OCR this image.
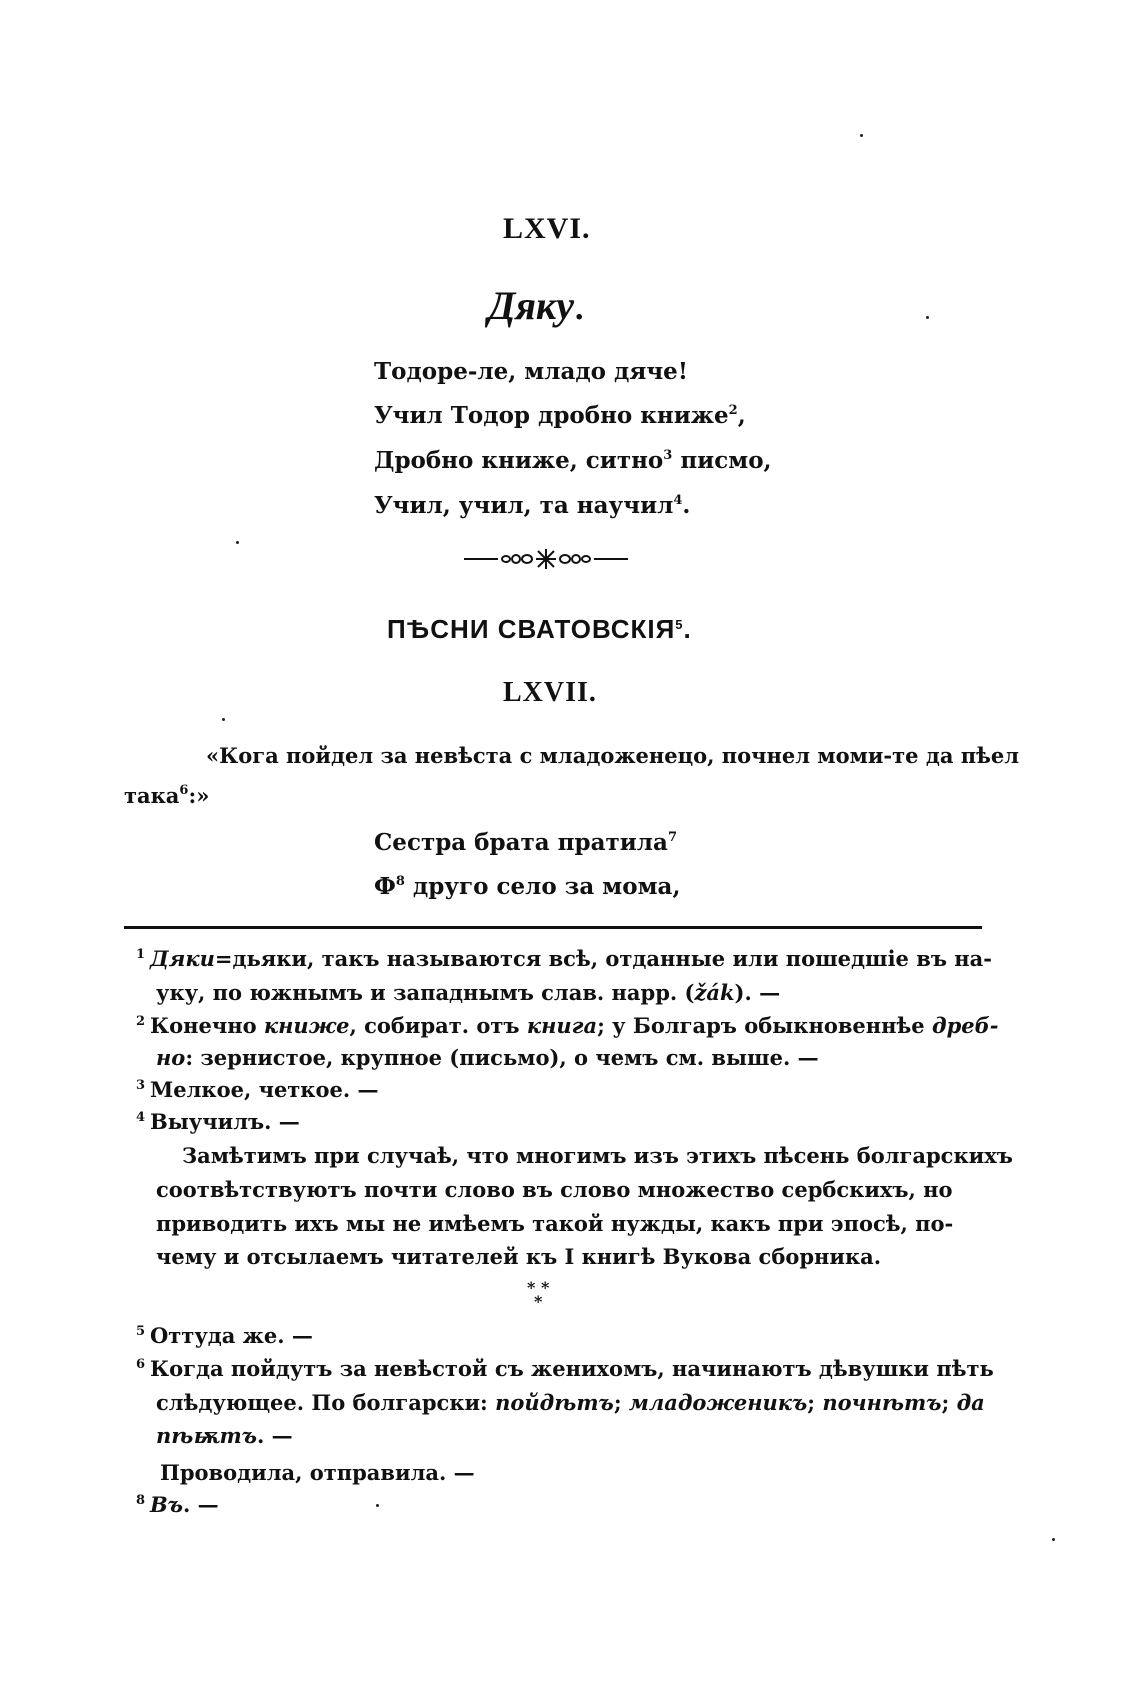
LXVI.
Дяку.
Тодоре-ле, младо дяче!
Учил Тодор дробно книже$^2$,
Дробно книже, ситно$^3$ писмо,
Учил, учил, та научил$^4$.
ПѢСНИ СВАТОВСКІЯ$^5$.
LXVII.
«Кога пойдел за невѣста с младоженецо, почнел моми-те да пѣел
така$^6$:»
Сестра брата пратила$^7$
$Ф^8$ друго село за мома,
1 Дяки=дьяки, такъ называются всѣ, отданные или пошедшіе въ на-
уку, по южнымъ и западнымъ слав. нарр. (žák). —
2 Конечно книже, собират. отъ книга; у Болгаръ обыкновеннѣе дреб-
но: зернистое, крупное (письмо), о чемъ см. выше. —
3 Мелкое, четкое. —
4 Выучилъ. —
Замѣтимъ при случаѣ, что многимъ изъ этихъ пѣсень болгарскихъ
соотвѣтствуютъ почти слово въ слово множество сербскихъ, но
приводить ихъ мы не имѣемъ такой нужды, какъ при эпосѣ, по-
чему и отсылаемъ читателей къ I книгѣ Вукова сборника.
* *
*
5 Оттуда же. —
6 Когда пойдутъ за невѣстой съ женихомъ, начинаютъ дѣвушки пѣть
слѣдующее. По болгарски: пойдѣтъ; младоженикъ; почнѣтъ; да
пѣѭтъ. —
Проводила, отправила. —
8 Въ. —
